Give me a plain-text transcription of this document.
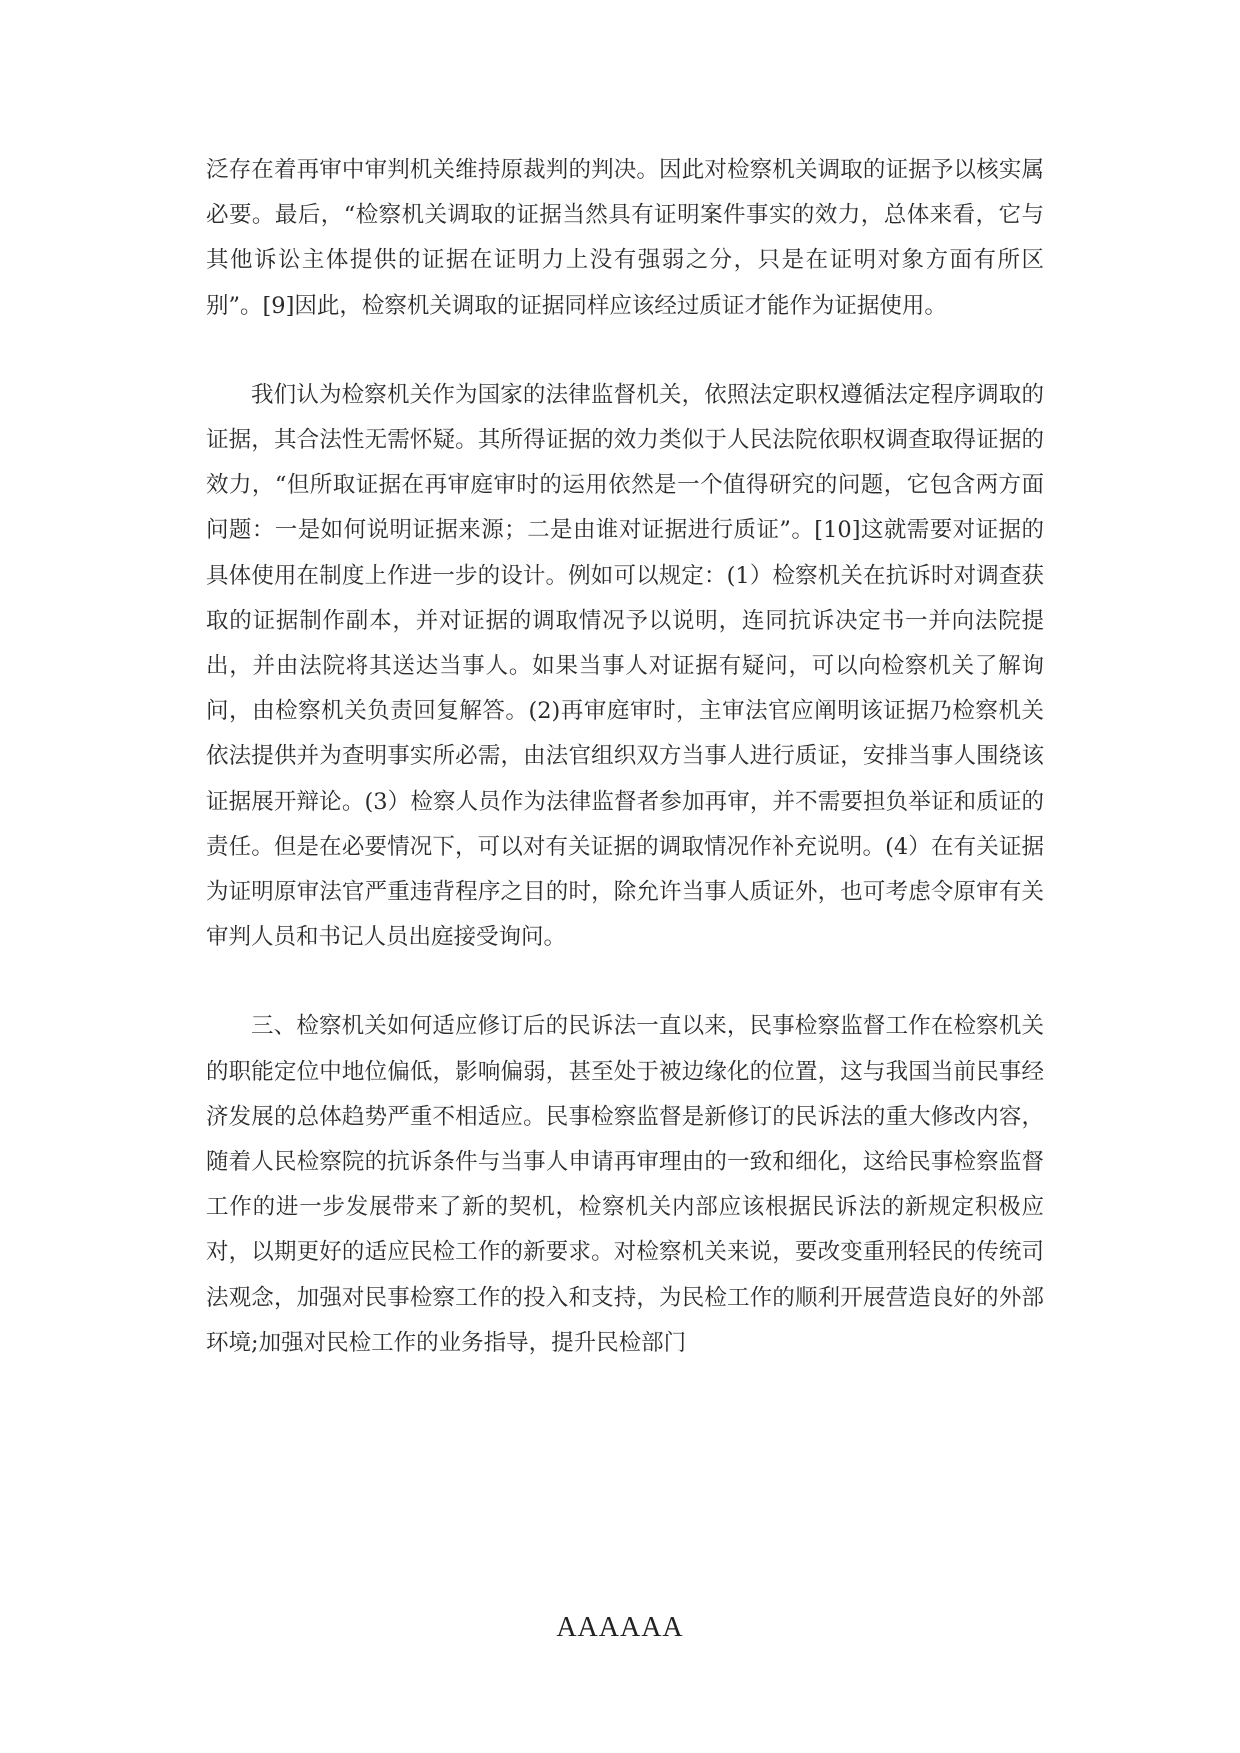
泛存在着再审中审判机关维持原裁判的判决。因此对检察机关调取的证据予以核实属必要。最后，“检察机关调取的证据当然具有证明案件事实的效力，总体来看，它与其他诉讼主体提供的证据在证明力上没有强弱之分，只是在证明对象方面有所区别”。[9]因此，检察机关调取的证据同样应该经过质证才能作为证据使用。

我们认为检察机关作为国家的法律监督机关，依照法定职权遵循法定程序调取的证据，其合法性无需怀疑。其所得证据的效力类似于人民法院依职权调查取得证据的效力，“但所取证据在再审庭审时的运用依然是一个值得研究的问题，它包含两方面问题：一是如何说明证据来源；二是由谁对证据进行质证”。[10]这就需要对证据的具体使用在制度上作进一步的设计。例如可以规定：(1）检察机关在抗诉时对调查获取的证据制作副本，并对证据的调取情况予以说明，连同抗诉决定书一并向法院提出，并由法院将其送达当事人。如果当事人对证据有疑问，可以向检察机关了解询问，由检察机关负责回复解答。(2)再审庭审时，主审法官应阐明该证据乃检察机关依法提供并为查明事实所必需，由法官组织双方当事人进行质证，安排当事人围绕该证据展开辩论。(3）检察人员作为法律监督者参加再审，并不需要担负举证和质证的责任。但是在必要情况下，可以对有关证据的调取情况作补充说明。(4）在有关证据为证明原审法官严重违背程序之目的时，除允许当事人质证外，也可考虑令原审有关审判人员和书记人员出庭接受询问。

三、检察机关如何适应修订后的民诉法一直以来，民事检察监督工作在检察机关的职能定位中地位偏低，影响偏弱，甚至处于被边缘化的位置，这与我国当前民事经济发展的总体趋势严重不相适应。民事检察监督是新修订的民诉法的重大修改内容，随着人民检察院的抗诉条件与当事人申请再审理由的一致和细化，这给民事检察监督工作的进一步发展带来了新的契机，检察机关内部应该根据民诉法的新规定积极应对，以期更好的适应民检工作的新要求。对检察机关来说，要改变重刑轻民的传统司法观念，加强对民事检察工作的投入和支持，为民检工作的顺利开展营造良好的外部环境;加强对民检工作的业务指导，提升民检部门

AAAAAA
